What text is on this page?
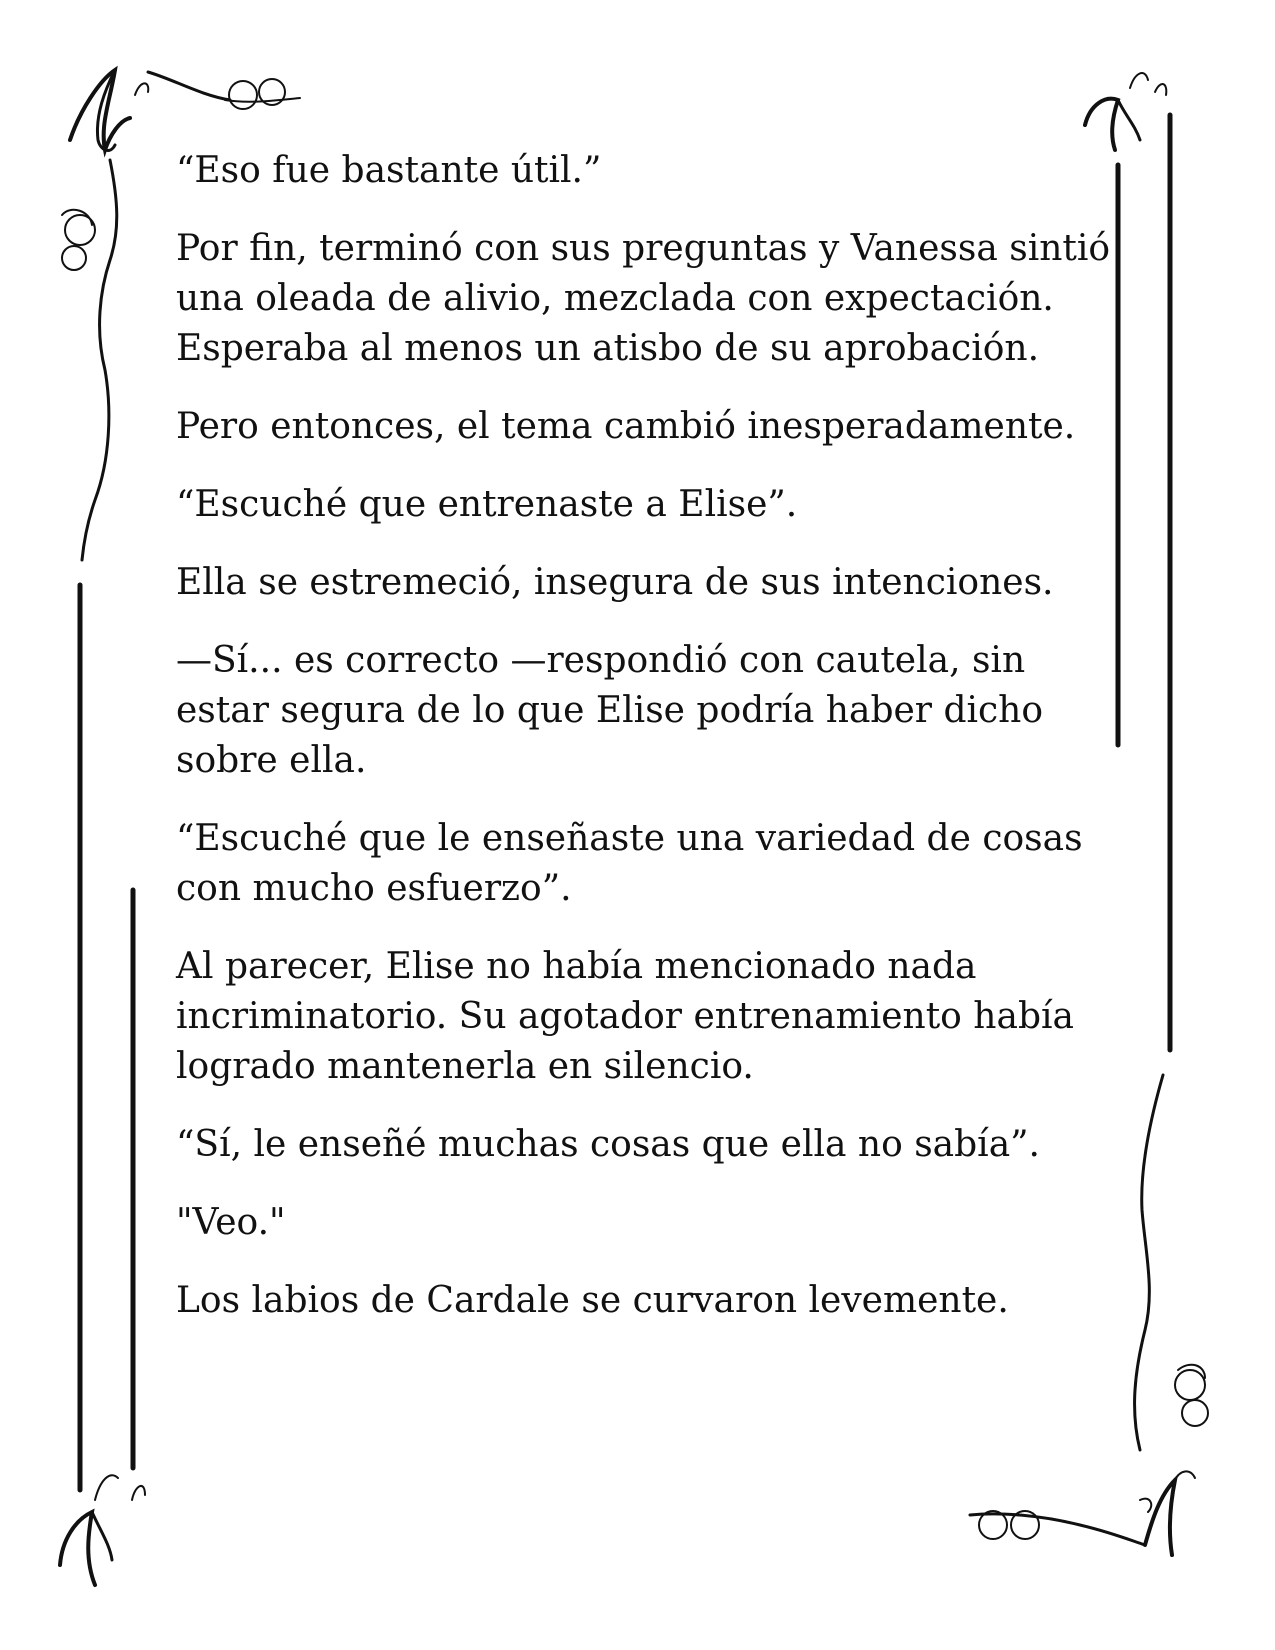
“Eso fue bastante útil.”

Por fin, terminó con sus preguntas y Vanessa sintió una oleada de alivio, mezclada con expectación. Esperaba al menos un atisbo de su aprobación.

Pero entonces, el tema cambió inesperadamente.

“Escuché que entrenaste a Elise”.

Ella se estremeció, insegura de sus intenciones.

—Sí... es correcto —respondió con cautela, sin estar segura de lo que Elise podría haber dicho sobre ella.

“Escuché que le enseñaste una variedad de cosas con mucho esfuerzo”.

Al parecer, Elise no había mencionado nada incriminatorio. Su agotador entrenamiento había logrado mantenerla en silencio.

“Sí, le enseñé muchas cosas que ella no sabía”.

"Veo."

Los labios de Cardale se curvaron levemente.
